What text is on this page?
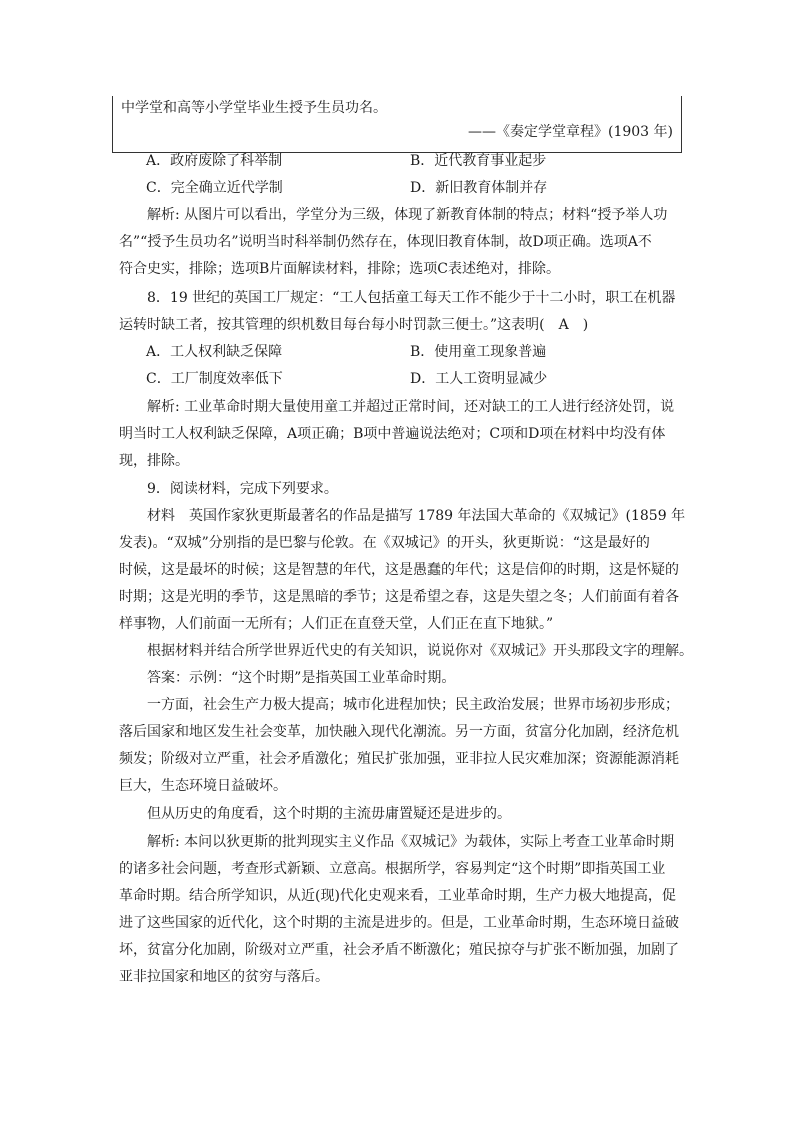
中学堂和高等小学堂毕业生授予生员功名。
——《奏定学堂章程》(1903 年)
A．政府废除了科举制	B．近代教育事业起步
C．完全确立近代学制	D．新旧教育体制并存
解析: 从图片可以看出，学堂分为三级，体现了新教育体制的特点；材料“授予举人功
名”“授予生员功名”说明当时科举制仍然存在，体现旧教育体制，故D项正确。选项A不
符合史实，排除；选项B片面解读材料，排除；选项C表述绝对，排除。
8．19 世纪的英国工厂规定：“工人包括童工每天工作不能少于十二小时，职工在机器
运转时缺工者，按其管理的织机数目每台每小时罚款三便士。”这表明(　A　)
A．工人权利缺乏保障	B．使用童工现象普遍
C．工厂制度效率低下	D．工人工资明显减少
解析: 工业革命时期大量使用童工并超过正常时间，还对缺工的工人进行经济处罚，说
明当时工人权利缺乏保障，A项正确；B项中普遍说法绝对；C项和D项在材料中均没有体
现，排除。
9．阅读材料，完成下列要求。
材料　英国作家狄更斯最著名的作品是描写 1789 年法国大革命的《双城记》(1859 年
发表)。“双城”分别指的是巴黎与伦敦。在《双城记》的开头，狄更斯说：“这是最好的
时候，这是最坏的时候；这是智慧的年代，这是愚蠢的年代；这是信仰的时期，这是怀疑的
时期；这是光明的季节，这是黑暗的季节；这是希望之春，这是失望之冬；人们前面有着各
样事物，人们前面一无所有；人们正在直登天堂，人们正在直下地狱。”
根据材料并结合所学世界近代史的有关知识，说说你对《双城记》开头那段文字的理解。
答案：示例：“这个时期”是指英国工业革命时期。
一方面，社会生产力极大提高；城市化进程加快；民主政治发展；世界市场初步形成；
落后国家和地区发生社会变革，加快融入现代化潮流。另一方面，贫富分化加剧，经济危机
频发；阶级对立严重，社会矛盾激化；殖民扩张加强，亚非拉人民灾难加深；资源能源消耗
巨大，生态环境日益破坏。
但从历史的角度看，这个时期的主流毋庸置疑还是进步的。
解析: 本问以狄更斯的批判现实主义作品《双城记》为载体，实际上考查工业革命时期
的诸多社会问题，考查形式新颖、立意高。根据所学，容易判定“这个时期”即指英国工业
革命时期。结合所学知识，从近(现)代化史观来看，工业革命时期，生产力极大地提高，促
进了这些国家的近代化，这个时期的主流是进步的。但是，工业革命时期，生态环境日益破
坏，贫富分化加剧，阶级对立严重，社会矛盾不断激化；殖民掠夺与扩张不断加强，加剧了
亚非拉国家和地区的贫穷与落后。
